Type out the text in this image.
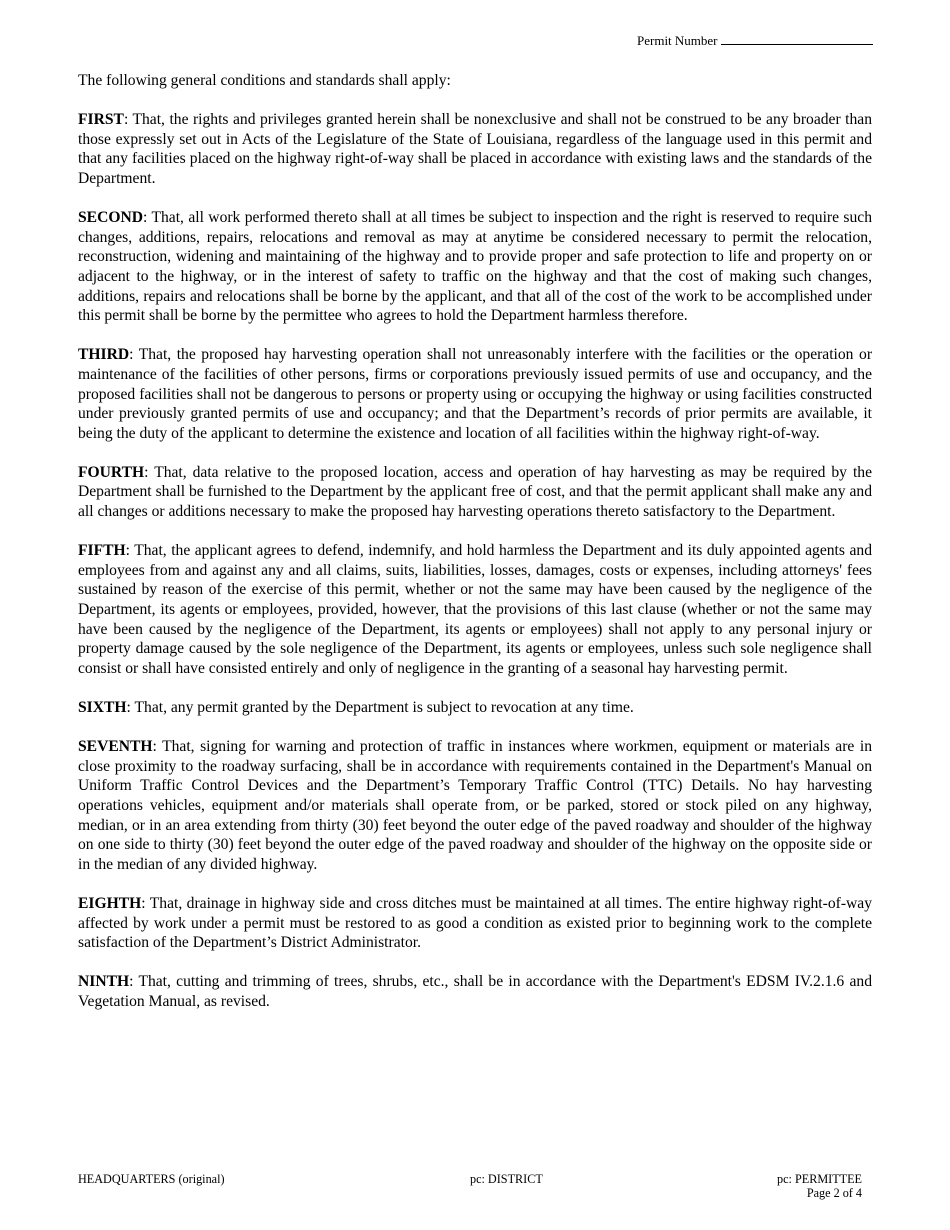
Permit Number

The following general conditions and standards shall apply:

FIRST: That, the rights and privileges granted herein shall be nonexclusive and shall not be construed to be any broader than those expressly set out in Acts of the Legislature of the State of Louisiana, regardless of the language used in this permit and that any facilities placed on the highway right-of-way shall be placed in accordance with existing laws and the standards of the Department.

SECOND: That, all work performed thereto shall at all times be subject to inspection and the right is reserved to require such changes, additions, repairs, relocations and removal as may at anytime be considered necessary to permit the relocation, reconstruction, widening and maintaining of the highway and to provide proper and safe protection to life and property on or adjacent to the highway, or in the interest of safety to traffic on the highway and that the cost of making such changes, additions, repairs and relocations shall be borne by the applicant, and that all of the cost of the work to be accomplished under this permit shall be borne by the permittee who agrees to hold the Department harmless therefore.

THIRD: That, the proposed hay harvesting operation shall not unreasonably interfere with the facilities or the operation or maintenance of the facilities of other persons, firms or corporations previously issued permits of use and occupancy, and the proposed facilities shall not be dangerous to persons or property using or occupying the highway or using facilities constructed under previously granted permits of use and occupancy; and that the Department’s records of prior permits are available, it being the duty of the applicant to determine the existence and location of all facilities within the highway right-of-way.

FOURTH: That, data relative to the proposed location, access and operation of hay harvesting as may be required by the Department shall be furnished to the Department by the applicant free of cost, and that the permit applicant shall make any and all changes or additions necessary to make the proposed hay harvesting operations thereto satisfactory to the Department.

FIFTH: That, the applicant agrees to defend, indemnify, and hold harmless the Department and its duly appointed agents and employees from and against any and all claims, suits, liabilities, losses, damages, costs or expenses, including attorneys' fees sustained by reason of the exercise of this permit, whether or not the same may have been caused by the negligence of the Department, its agents or employees, provided, however, that the provisions of this last clause (whether or not the same may have been caused by the negligence of the Department, its agents or employees) shall not apply to any personal injury or property damage caused by the sole negligence of the Department, its agents or employees, unless such sole negligence shall consist or shall have consisted entirely and only of negligence in the granting of a seasonal hay harvesting permit.

SIXTH: That, any permit granted by the Department is subject to revocation at any time.

SEVENTH: That, signing for warning and protection of traffic in instances where workmen, equipment or materials are in close proximity to the roadway surfacing, shall be in accordance with requirements contained in the Department's Manual on Uniform Traffic Control Devices and the Department’s Temporary Traffic Control (TTC) Details. No hay harvesting operations vehicles, equipment and/or materials shall operate from, or be parked, stored or stock piled on any highway, median, or in an area extending from thirty (30) feet beyond the outer edge of the paved roadway and shoulder of the highway on one side to thirty (30) feet beyond the outer edge of the paved roadway and shoulder of the highway on the opposite side or in the median of any divided highway.

EIGHTH: That, drainage in highway side and cross ditches must be maintained at all times. The entire highway right-of-way affected by work under a permit must be restored to as good a condition as existed prior to beginning work to the complete satisfaction of the Department’s District Administrator.

NINTH: That, cutting and trimming of trees, shrubs, etc., shall be in accordance with the Department's EDSM IV.2.1.6 and Vegetation Manual, as revised.

HEADQUARTERS (original)	pc: DISTRICT	pc: PERMITTEE
Page 2 of 4
